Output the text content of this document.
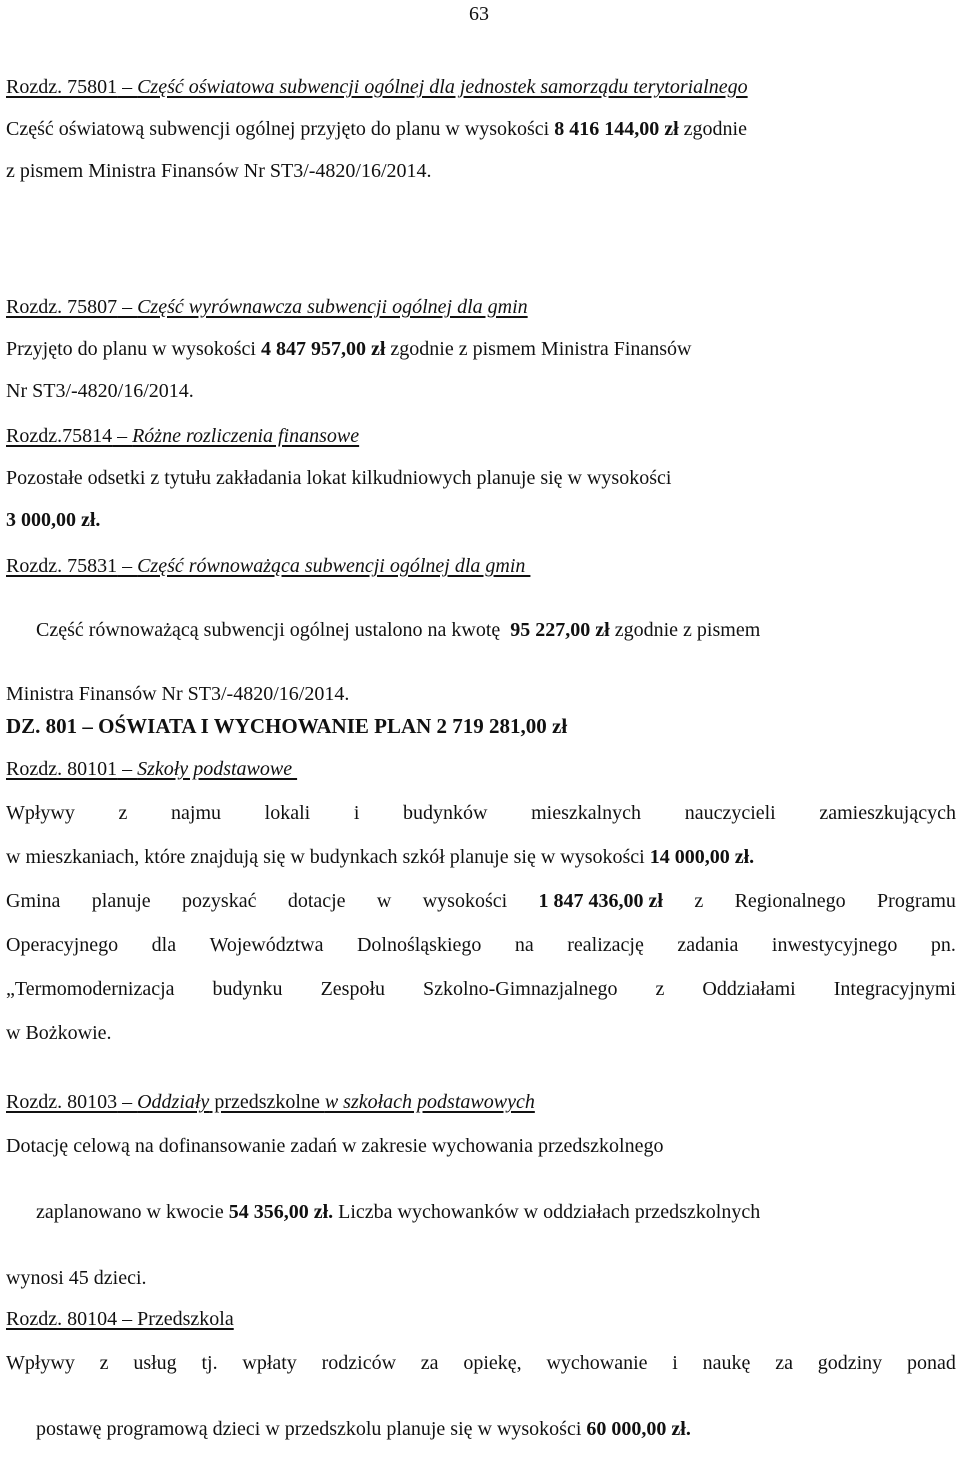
63
Rozdz. 75801 – Część oświatowa subwencji ogólnej dla jednostek samorządu terytorialnego
Część oświatową subwencji ogólnej przyjęto do planu w wysokości 8 416 144,00 zł zgodnie
z pismem Ministra Finansów Nr ST3/-4820/16/2014.
Rozdz. 75807 – Część wyrównawcza subwencji ogólnej dla gmin
Przyjęto do planu w wysokości 4 847 957,00 zł zgodnie z pismem Ministra Finansów
Nr ST3/-4820/16/2014.
Rozdz.75814 – Różne rozliczenia finansowe
Pozostałe odsetki z tytułu zakładania lokat kilkudniowych planuje się w wysokości
3 000,00 zł.
Rozdz. 75831 – Część równoważąca subwencji ogólnej dla gmin

Część równoważącą subwencji ogólnej ustalono na kwotę  95 227,00 zł zgodnie z pismem

Ministra Finansów Nr ST3/-4820/16/2014.
DZ. 801 – OŚWIATA I WYCHOWANIE PLAN 2 719 281,00 zł
Rozdz. 80101 – Szkoły podstawowe
Wpływy z najmu lokali i budynków mieszkalnych nauczycieli zamieszkujących
w mieszkaniach, które znajdują się w budynkach szkół planuje się w wysokości 14 000,00 zł.
Gmina planuje pozyskać dotacje w wysokości 1 847 436,00 zł z Regionalnego Programu
Operacyjnego dla Województwa Dolnośląskiego na realizację zadania inwestycyjnego pn.
„Termomodernizacja budynku Zespołu Szkolno-Gimnazjalnego z Oddziałami Integracyjnymi
w Bożkowie.
Rozdz. 80103 – Oddziały przedszkolne w szkołach podstawowych
Dotację celową na dofinansowanie zadań w zakresie wychowania przedszkolnego

zaplanowano w kwocie 54 356,00 zł. Liczba wychowanków w oddziałach przedszkolnych

wynosi 45 dzieci.
Rozdz. 80104 – Przedszkola
Wpływy z usług tj. wpłaty rodziców za opiekę, wychowanie i naukę za godziny ponad

postawę programową dzieci w przedszkolu planuje się w wysokości 60 000,00 zł.
